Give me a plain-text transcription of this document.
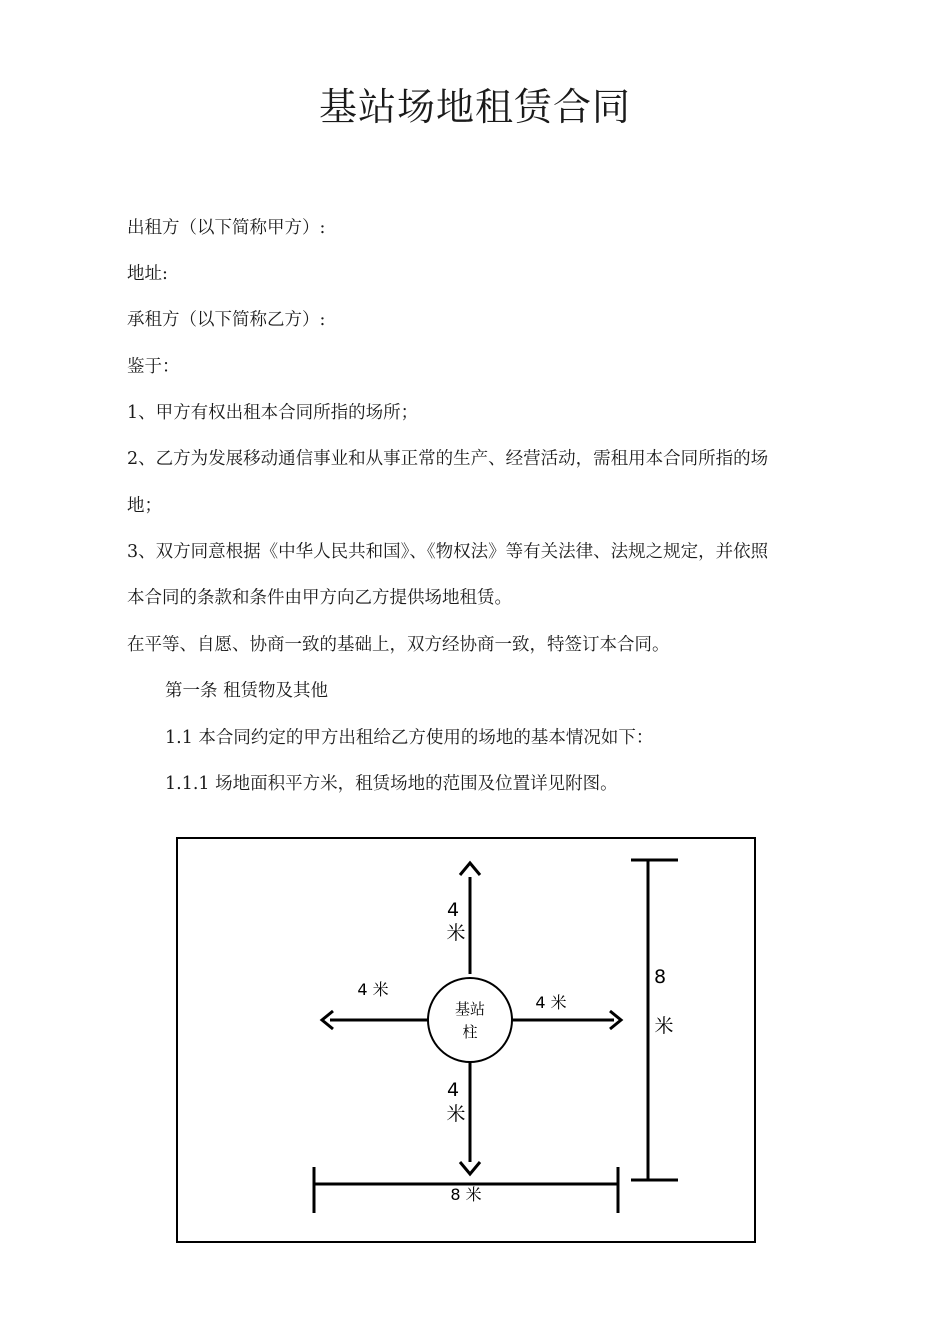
基站场地租赁合同
出租方（以下简称甲方）:
地址:
承租方（以下简称乙方）:
鉴于：
1、甲方有权出租本合同所指的场所；
2、乙方为发展移动通信事业和从事正常的生产、经营活动，需租用本合同所指的场
地；
3、双方同意根据《中华人民共和国》、《物权法》等有关法律、法规之规定，并依照
本合同的条款和条件由甲方向乙方提供场地租赁。
在平等、自愿、协商一致的基础上，双方经协商一致，特签订本合同。
第一条 租赁物及其他
1.1 本合同约定的甲方出租给乙方使用的场地的基本情况如下：
1.1.1 场地面积平方米，租赁场地的范围及位置详见附图。
基站
柱
4
米
4
米
4 米
4 米
8
米
8 米
